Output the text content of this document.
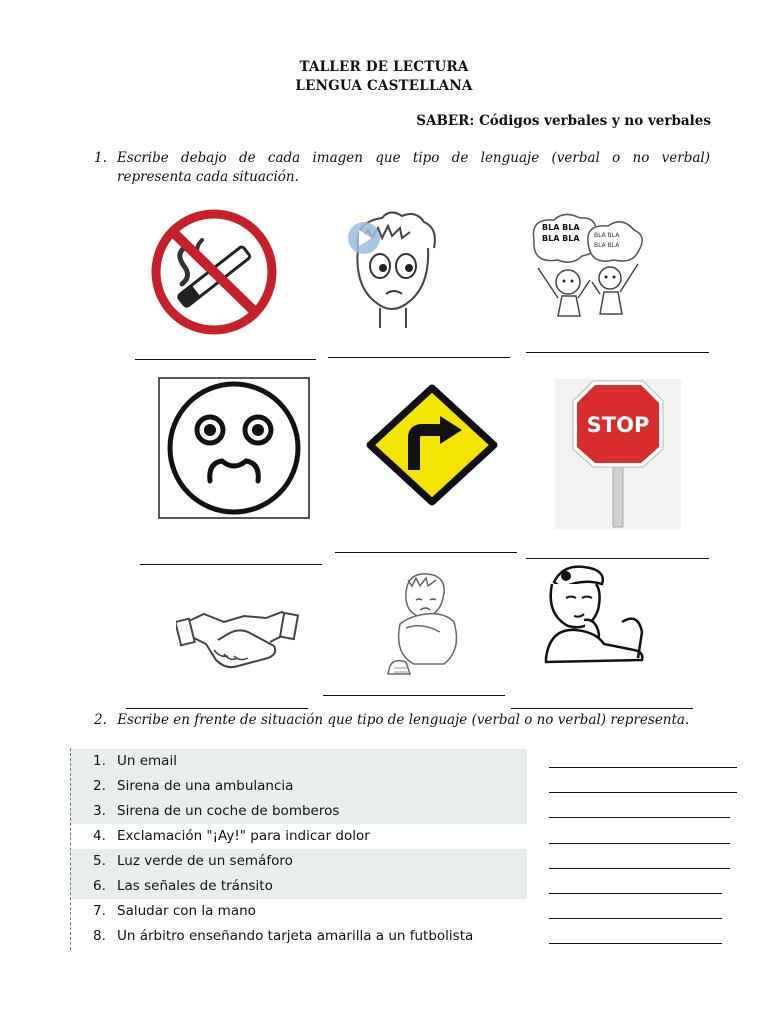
TALLER DE LECTURA
LENGUA CASTELLANA
SABER: Códigos verbales y no verbales
1. Escribe debajo de cada imagen que tipo de lenguaje (verbal o no verbal)
representa cada situación.
BLA BLA
BLA BLA BLA BLA
BLA BLA
STOP
2. Escribe en frente de situación que tipo de lenguaje (verbal o no verbal) representa.
1. Un email
2. Sirena de una ambulancia
3. Sirena de un coche de bomberos
4. Exclamación "¡Ay!" para indicar dolor
5. Luz verde de un semáforo
6. Las señales de tránsito
7. Saludar con la mano
8. Un árbitro enseñando tarjeta amarilla a un futbolista
